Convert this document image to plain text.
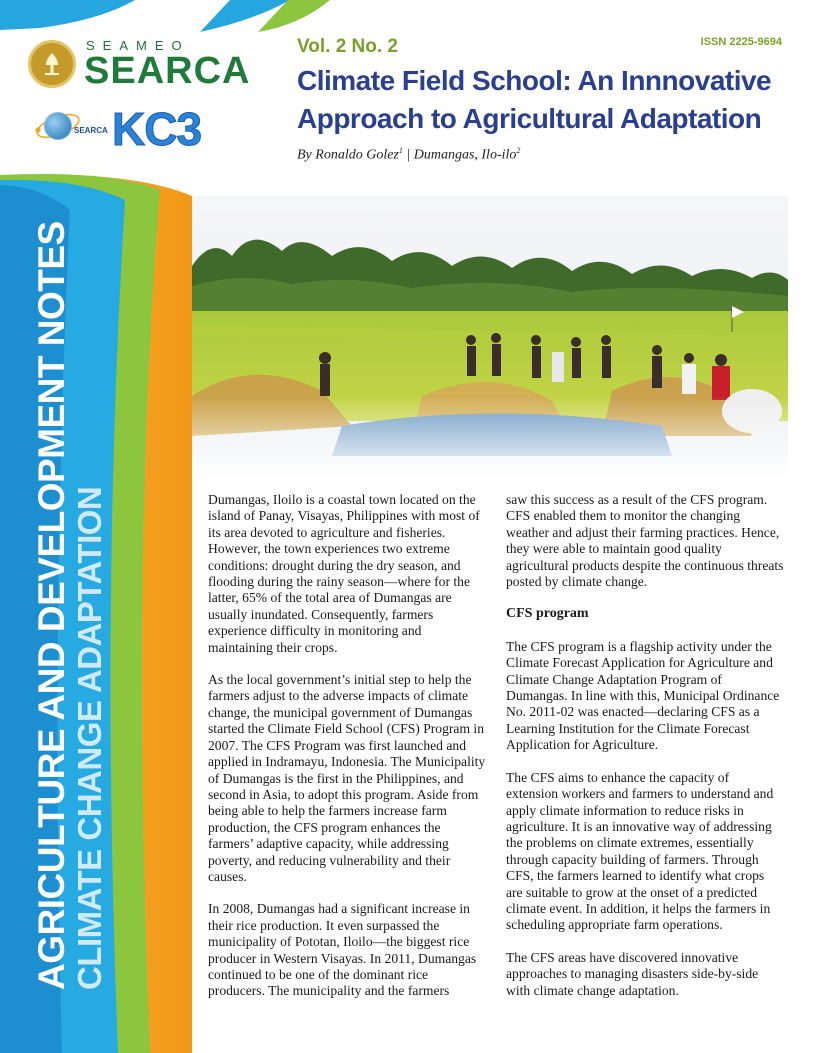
SEAMEO
SEARCA
SEARCA KC3
Vol. 2 No. 2	ISSN 2225-9694
Climate Field School: An Innnovative Approach to Agricultural Adaptation
By Ronaldo Golez$^1$ | Dumangas, Ilo-ilo$^2$
AGRICULTURE AND DEVELOPMENT NOTES CLIMATE CHANGE ADAPTATION	Dumangas, Iloilo is a coastal town located on the island of Panay, Visayas, Philippines with most of its area devoted to agriculture and fisheries. However, the town experiences two extreme conditions: drought during the dry season, and flooding during the rainy season—where for the latter, 65% of the total area of Dumangas are usually inundated. Consequently, farmers experience difficulty in monitoring and maintaining their crops.

As the local government’s initial step to help the farmers adjust to the adverse impacts of climate change, the municipal government of Dumangas started the Climate Field School (CFS) Program in 2007. The CFS Program was first launched and applied in Indramayu, Indonesia. The Municipality of Dumangas is the first in the Philippines, and second in Asia, to adopt this program. Aside from being able to help the farmers increase farm production, the CFS program enhances the farmers’ adaptive capacity, while addressing poverty, and reducing vulnerability and their causes.

In 2008, Dumangas had a significant increase in their rice production. It even surpassed the municipality of Pototan, Iloilo—the biggest rice producer in Western Visayas. In 2011, Dumangas continued to be one of the dominant rice producers. The municipality and the farmers

saw this success as a result of the CFS program. CFS enabled them to monitor the changing weather and adjust their farming practices. Hence, they were able to maintain good quality agricultural products despite the continuous threats posted by climate change.

CFS program

The CFS program is a flagship activity under the Climate Forecast Application for Agriculture and Climate Change Adaptation Program of Dumangas. In line with this, Municipal Ordinance No. 2011-02 was enacted—declaring CFS as a Learning Institution for the Climate Forecast Application for Agriculture.

The CFS aims to enhance the capacity of extension workers and farmers to understand and apply climate information to reduce risks in agriculture. It is an innovative way of addressing the problems on climate extremes, essentially through capacity building of farmers. Through CFS, the farmers learned to identify what crops are suitable to grow at the onset of a predicted climate event. In addition, it helps the farmers in scheduling appropriate farm operations.

The CFS areas have discovered innovative approaches to managing disasters side-by-side with climate change adaptation.
